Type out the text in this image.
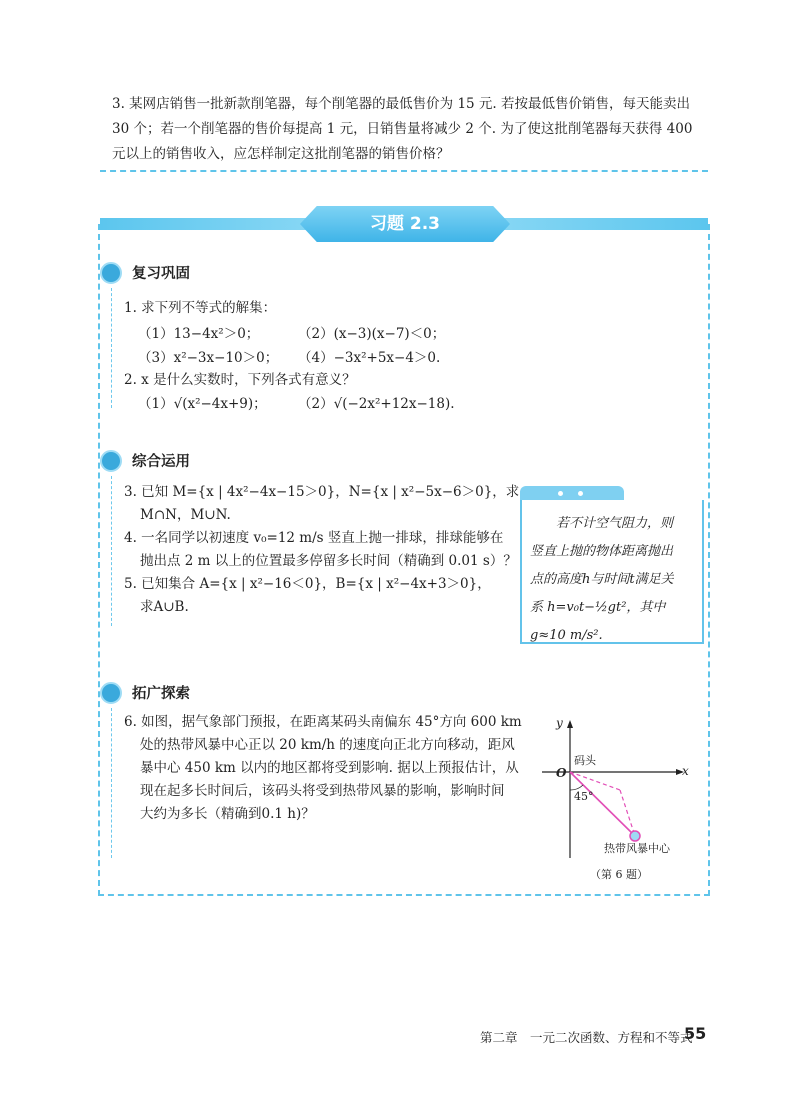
3. 某网店销售一批新款削笔器，每个削笔器的最低售价为 15 元. 若按最低售价销售，每天能卖出 30 个；若一个削笔器的售价每提高 1 元，日销售量将减少 2 个. 为了使这批削笔器每天获得 400 元以上的销售收入，应怎样制定这批削笔器的销售价格？
习题 2.3
复习巩固
1. 求下列不等式的解集：
（1）13−4x²＞0；	（2）(x−3)(x−7)＜0；
（3）x²−3x−10＞0； （4）−3x²+5x−4＞0.
2. x 是什么实数时，下列各式有意义？
（1）√(x²−4x+9)； （2）√(−2x²+12x−18).
综合运用
3. 已知 M={x | 4x²−4x−15＞0}，N={x | x²−5x−6＞0}，求
M∩N，M∪N.
4. 一名同学以初速度 v₀=12 m/s 竖直上抛一排球，排球能够在
抛出点 2 m 以上的位置最多停留多长时间（精确到 0.01 s）？
5. 已知集合 A={x | x²−16＜0}，B={x | x²−4x+3＞0}，
求A∪B.
若不计空气阻力，则
竖直上抛的物体距离抛出
点的高度h与时间t满足关
系 h=v₀t−½gt²，其中
g≈10 m/s².
拓广探索
6. 如图，据气象部门预报，在距离某码头南偏东 45°方向 600 km
处的热带风暴中心正以 20 km/h 的速度向正北方向移动，距风
暴中心 450 km 以内的地区都将受到影响. 据以上预报估计，从
现在起多长时间后，该码头将受到热带风暴的影响，影响时间
大约为多长（精确到0.1 h)？
y
x
O
码头
45°
热带风暴中心
（第 6 题）
第二章　一元二次函数、方程和不等式
55
